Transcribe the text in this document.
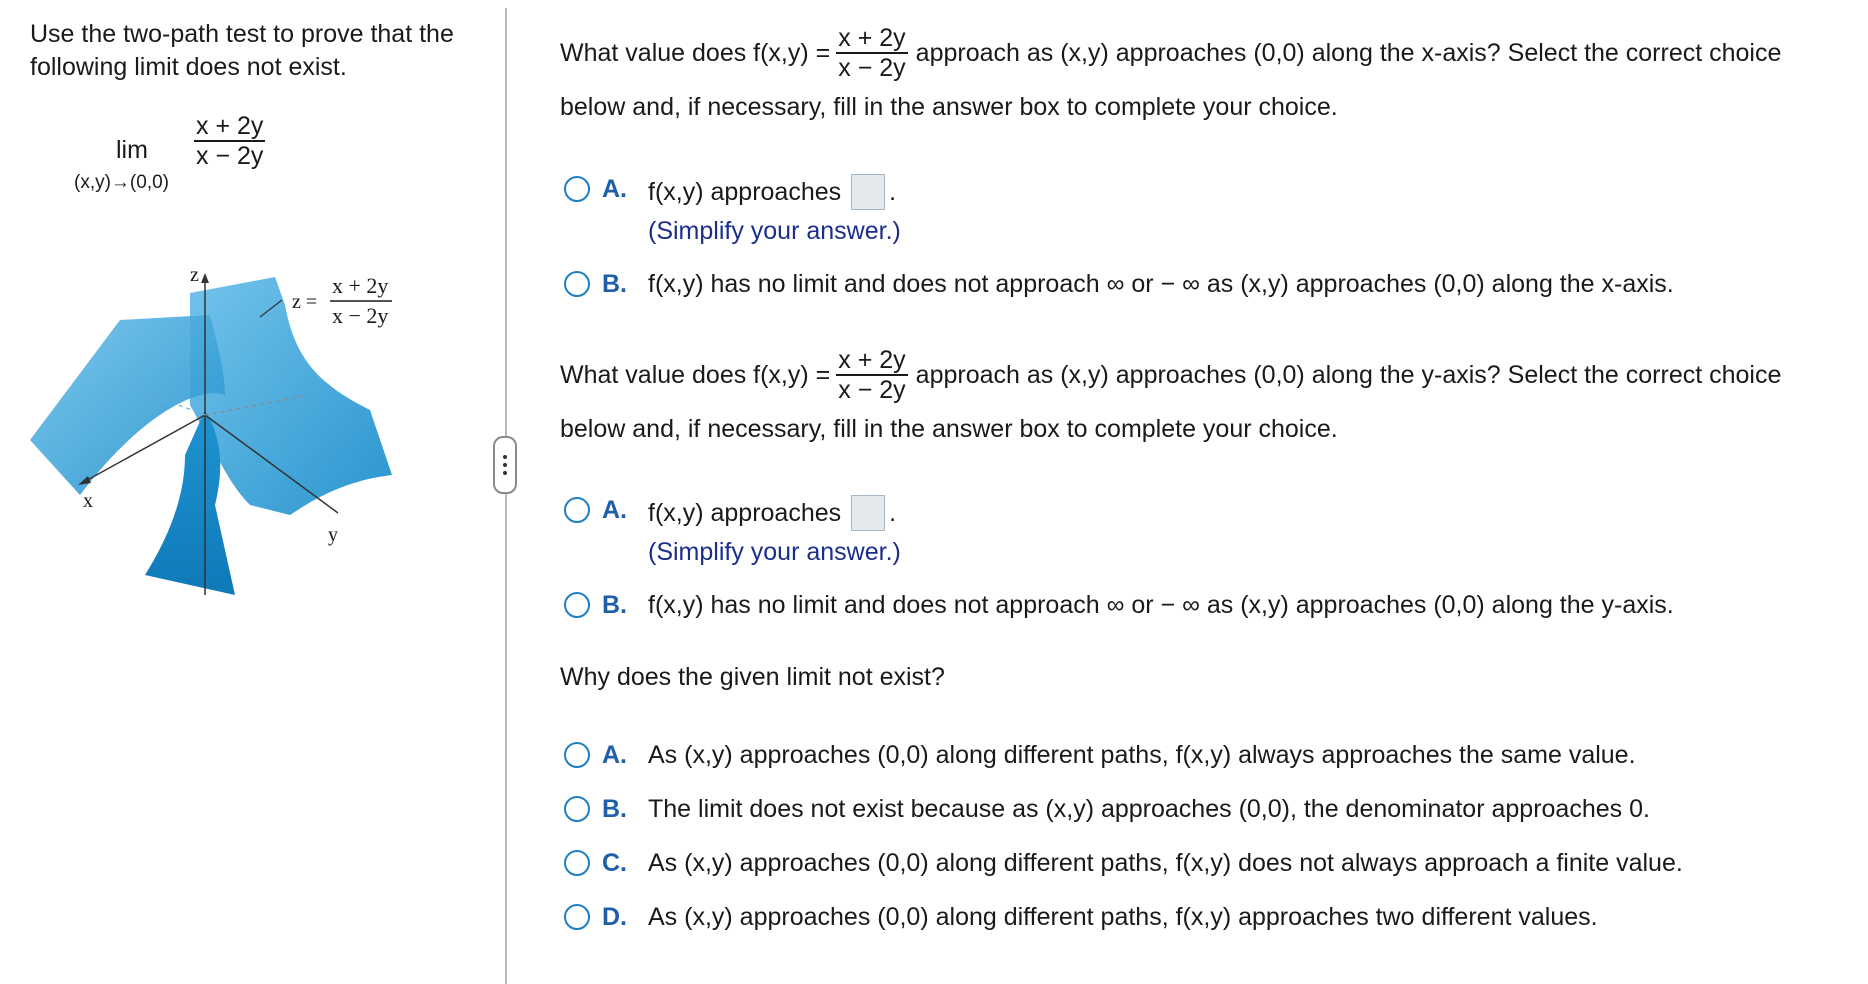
Use the two-path test to prove that the following limit does not exist.
lim
(x,y)→(0,0)
x + 2y
x − 2y
z
x
y
z =
x + 2y
x − 2y
What value does $f(x,y) = \frac{x + 2y}{x - 2y}$ approach as (x,y) approaches (0,0) along the x-axis? Select the correct choice
below and, if necessary, fill in the answer box to complete your choice.
A. f(x,y) approaches .
(Simplify your answer.)
B. f(x,y) has no limit and does not approach ∞ or − ∞ as (x,y) approaches (0,0) along the x-axis.
What value does $f(x,y) = \frac{x + 2y}{x - 2y}$ approach as (x,y) approaches (0,0) along the y-axis? Select the correct choice
below and, if necessary, fill in the answer box to complete your choice.
A. f(x,y) approaches .
(Simplify your answer.)
B. f(x,y) has no limit and does not approach ∞ or − ∞ as (x,y) approaches (0,0) along the y-axis.
Why does the given limit not exist?
A. As (x,y) approaches (0,0) along different paths, f(x,y) always approaches the same value.
B. The limit does not exist because as (x,y) approaches (0,0), the denominator approaches 0.
C. As (x,y) approaches (0,0) along different paths, f(x,y) does not always approach a finite value.
D. As (x,y) approaches (0,0) along different paths, f(x,y) approaches two different values.
